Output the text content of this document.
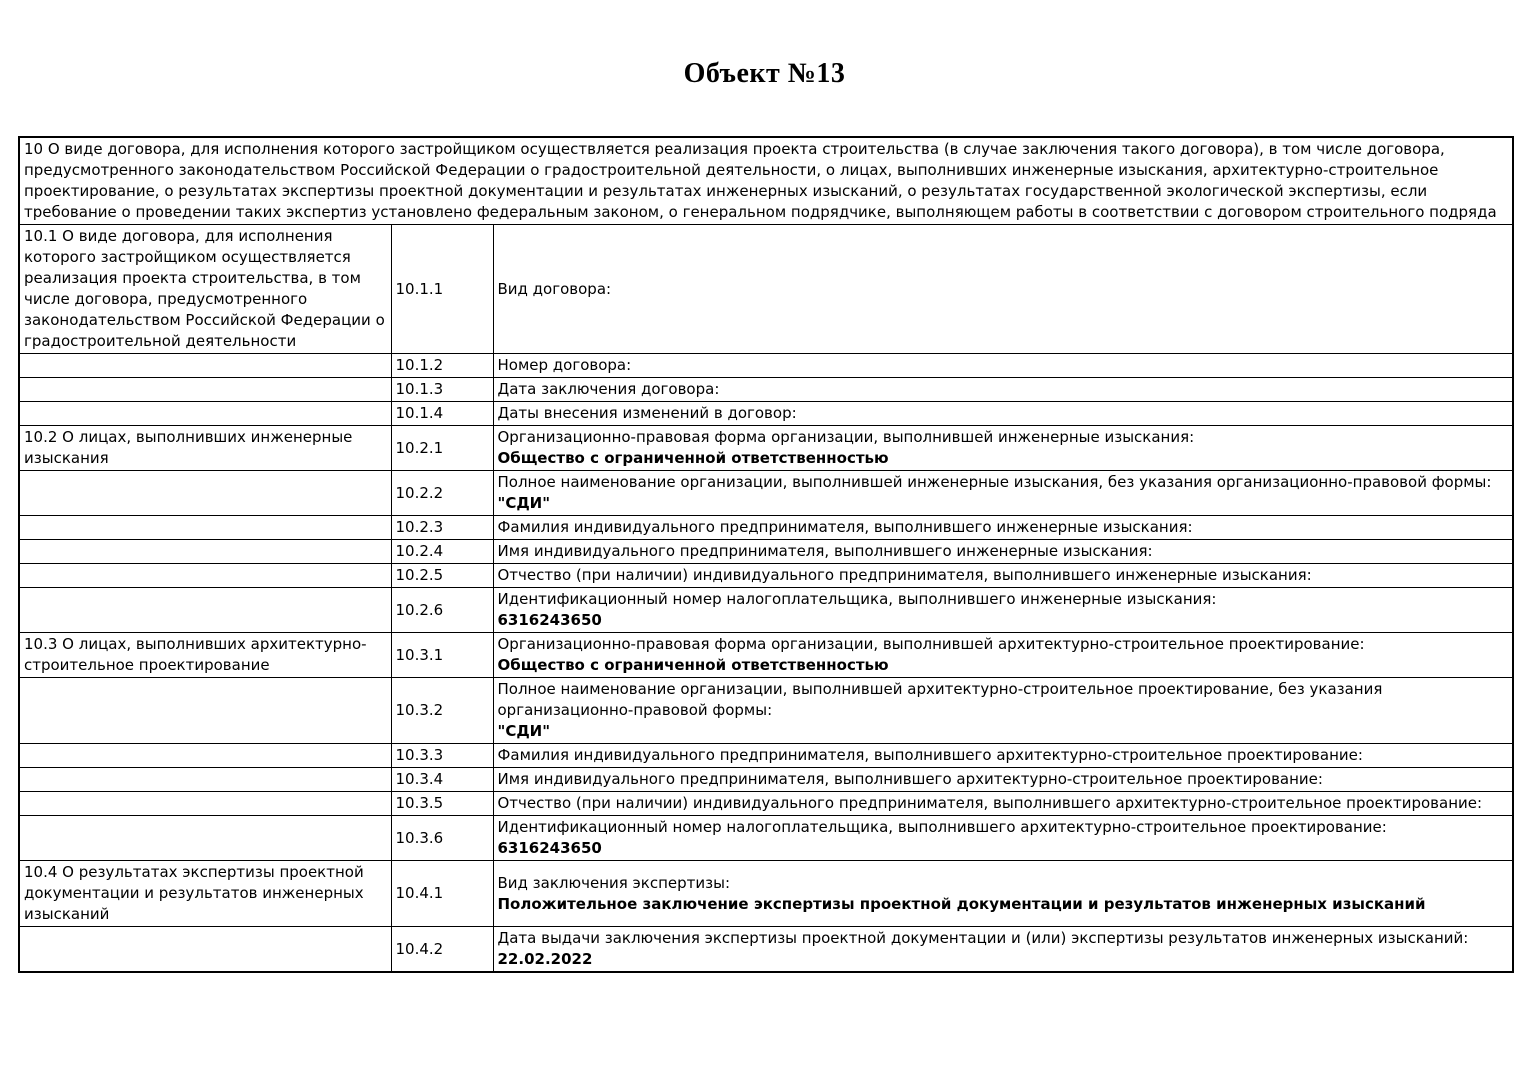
Объект №13
10 О виде договора, для исполнения которого застройщиком осуществляется реализация проекта строительства (в случае заключения такого договора), в том числе договора, предусмотренного законодательством Российской Федерации о градостроительной деятельности, о лицах, выполнивших инженерные изыскания, архитектурно-строительное проектирование, о результатах экспертизы проектной документации и результатах инженерных изысканий, о результатах государственной экологической экспертизы, если требование о проведении таких экспертиз установлено федеральным законом, о генеральном подрядчике, выполняющем работы в соответствии с договором строительного подряда		
10.1 О виде договора, для исполнения которого застройщиком осуществляется реализация проекта строительства, в том числе договора, предусмотренного законодательством Российской Федерации о градостроительной деятельности	10.1.1	Вид договора:
	10.1.2	Номер договора:
	10.1.3	Дата заключения договора:
	10.1.4	Даты внесения изменений в договор:
10.2 О лицах, выполнивших инженерные изыскания	10.2.1	Организационно-правовая форма организации, выполнившей инженерные изыскания:
Общество с ограниченной ответственностью

	10.2.2	Полное наименование организации, выполнившей инженерные изыскания, без указания организационно-правовой формы:
"СДИ"

	10.2.3	Фамилия индивидуального предпринимателя, выполнившего инженерные изыскания:
	10.2.4	Имя индивидуального предпринимателя, выполнившего инженерные изыскания:
	10.2.5	Отчество (при наличии) индивидуального предпринимателя, выполнившего инженерные изыскания:
	10.2.6	Идентификационный номер налогоплательщика, выполнившего инженерные изыскания:
6316243650

10.3 О лицах, выполнивших архитектурно-строительное проектирование	10.3.1	Организационно-правовая форма организации, выполнившей архитектурно-строительное проектирование:
Общество с ограниченной ответственностью

	10.3.2	Полное наименование организации, выполнившей архитектурно-строительное проектирование, без указания организационно-правовой формы:
"СДИ"

	10.3.3	Фамилия индивидуального предпринимателя, выполнившего архитектурно-строительное проектирование:
	10.3.4	Имя индивидуального предпринимателя, выполнившего архитектурно-строительное проектирование:
	10.3.5	Отчество (при наличии) индивидуального предпринимателя, выполнившего архитектурно-строительное проектирование:
	10.3.6	Идентификационный номер налогоплательщика, выполнившего архитектурно-строительное проектирование:
6316243650

10.4 О результатах экспертизы проектной документации и результатов инженерных изысканий	10.4.1	Вид заключения экспертизы:
Положительное заключение экспертизы проектной документации и результатов инженерных изысканий

	10.4.2	Дата выдачи заключения экспертизы проектной документации и (или) экспертизы результатов инженерных изысканий:
22.02.2022
